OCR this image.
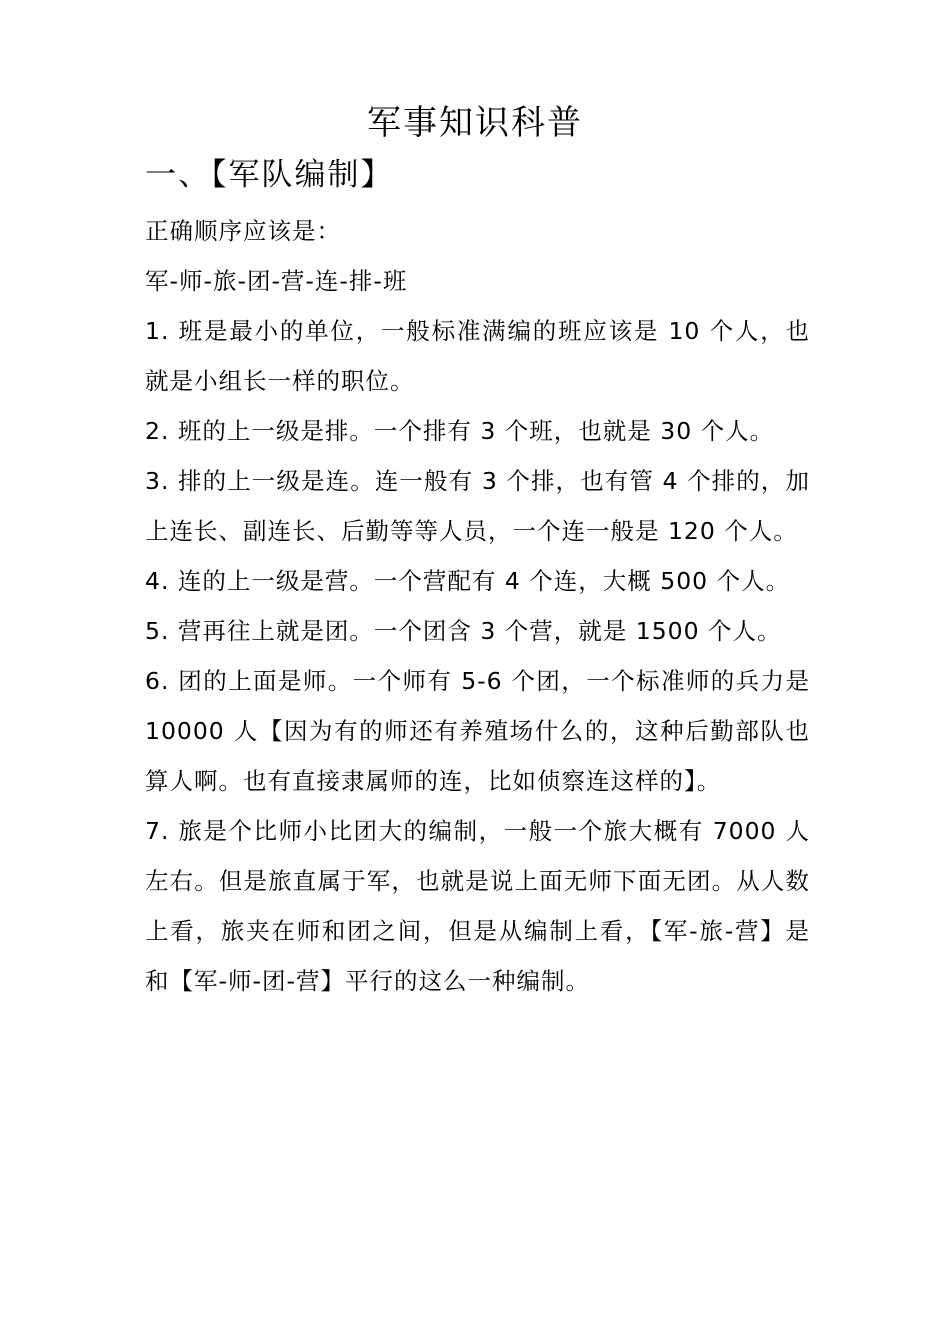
军事知识科普
一、【军队编制】

正确顺序应该是：

军-师-旅-团-营-连-排-班

1. 班是最小的单位，一般标准满编的班应该是 10 个人，也就是小组长一样的职位。

2. 班的上一级是排。一个排有 3 个班，也就是 30 个人。

3. 排的上一级是连。连一般有 3 个排，也有管 4 个排的，加上连长、副连长、后勤等等人员，一个连一般是 120 个人。

4. 连的上一级是营。一个营配有 4 个连，大概 500 个人。

5. 营再往上就是团。一个团含 3 个营，就是 1500 个人。

6. 团的上面是师。一个师有 5-6 个团，一个标准师的兵力是 10000 人【因为有的师还有养殖场什么的，这种后勤部队也算人啊。也有直接隶属师的连，比如侦察连这样的】。

7. 旅是个比师小比团大的编制，一般一个旅大概有 7000 人左右。但是旅直属于军，也就是说上面无师下面无团。从人数上看，旅夹在师和团之间，但是从编制上看，【军-旅-营】是和【军-师-团-营】平行的这么一种编制。
